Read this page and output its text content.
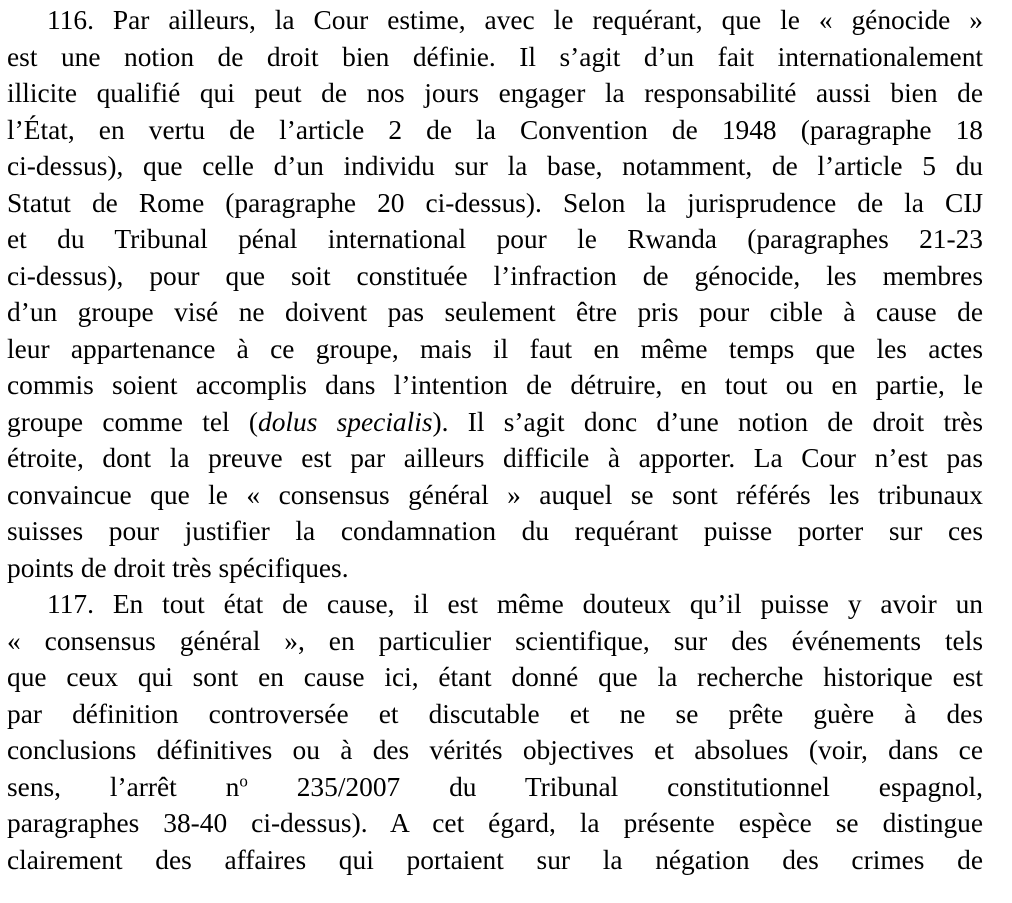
116. Par ailleurs, la Cour estime, avec le requérant, que le « génocide »
est une notion de droit bien définie. Il s’agit d’un fait internationalement
illicite qualifié qui peut de nos jours engager la responsabilité aussi bien de
l’État, en vertu de l’article 2 de la Convention de 1948 (paragraphe 18
ci-dessus), que celle d’un individu sur la base, notamment, de l’article 5 du
Statut de Rome (paragraphe 20 ci-dessus). Selon la jurisprudence de la CIJ
et du Tribunal pénal international pour le Rwanda (paragraphes 21-23
ci-dessus), pour que soit constituée l’infraction de génocide, les membres
d’un groupe visé ne doivent pas seulement être pris pour cible à cause de
leur appartenance à ce groupe, mais il faut en même temps que les actes
commis soient accomplis dans l’intention de détruire, en tout ou en partie, le
groupe comme tel (dolus specialis). Il s’agit donc d’une notion de droit très
étroite, dont la preuve est par ailleurs difficile à apporter. La Cour n’est pas
convaincue que le « consensus général » auquel se sont référés les tribunaux
suisses pour justifier la condamnation du requérant puisse porter sur ces
points de droit très spécifiques.
117. En tout état de cause, il est même douteux qu’il puisse y avoir un
« consensus général », en particulier scientifique, sur des événements tels
que ceux qui sont en cause ici, étant donné que la recherche historique est
par définition controversée et discutable et ne se prête guère à des
conclusions définitives ou à des vérités objectives et absolues (voir, dans ce
sens, l’arrêt $n^o$ 235/2007 du Tribunal constitutionnel espagnol,
paragraphes 38-40 ci-dessus). A cet égard, la présente espèce se distingue
clairement des affaires qui portaient sur la négation des crimes de
